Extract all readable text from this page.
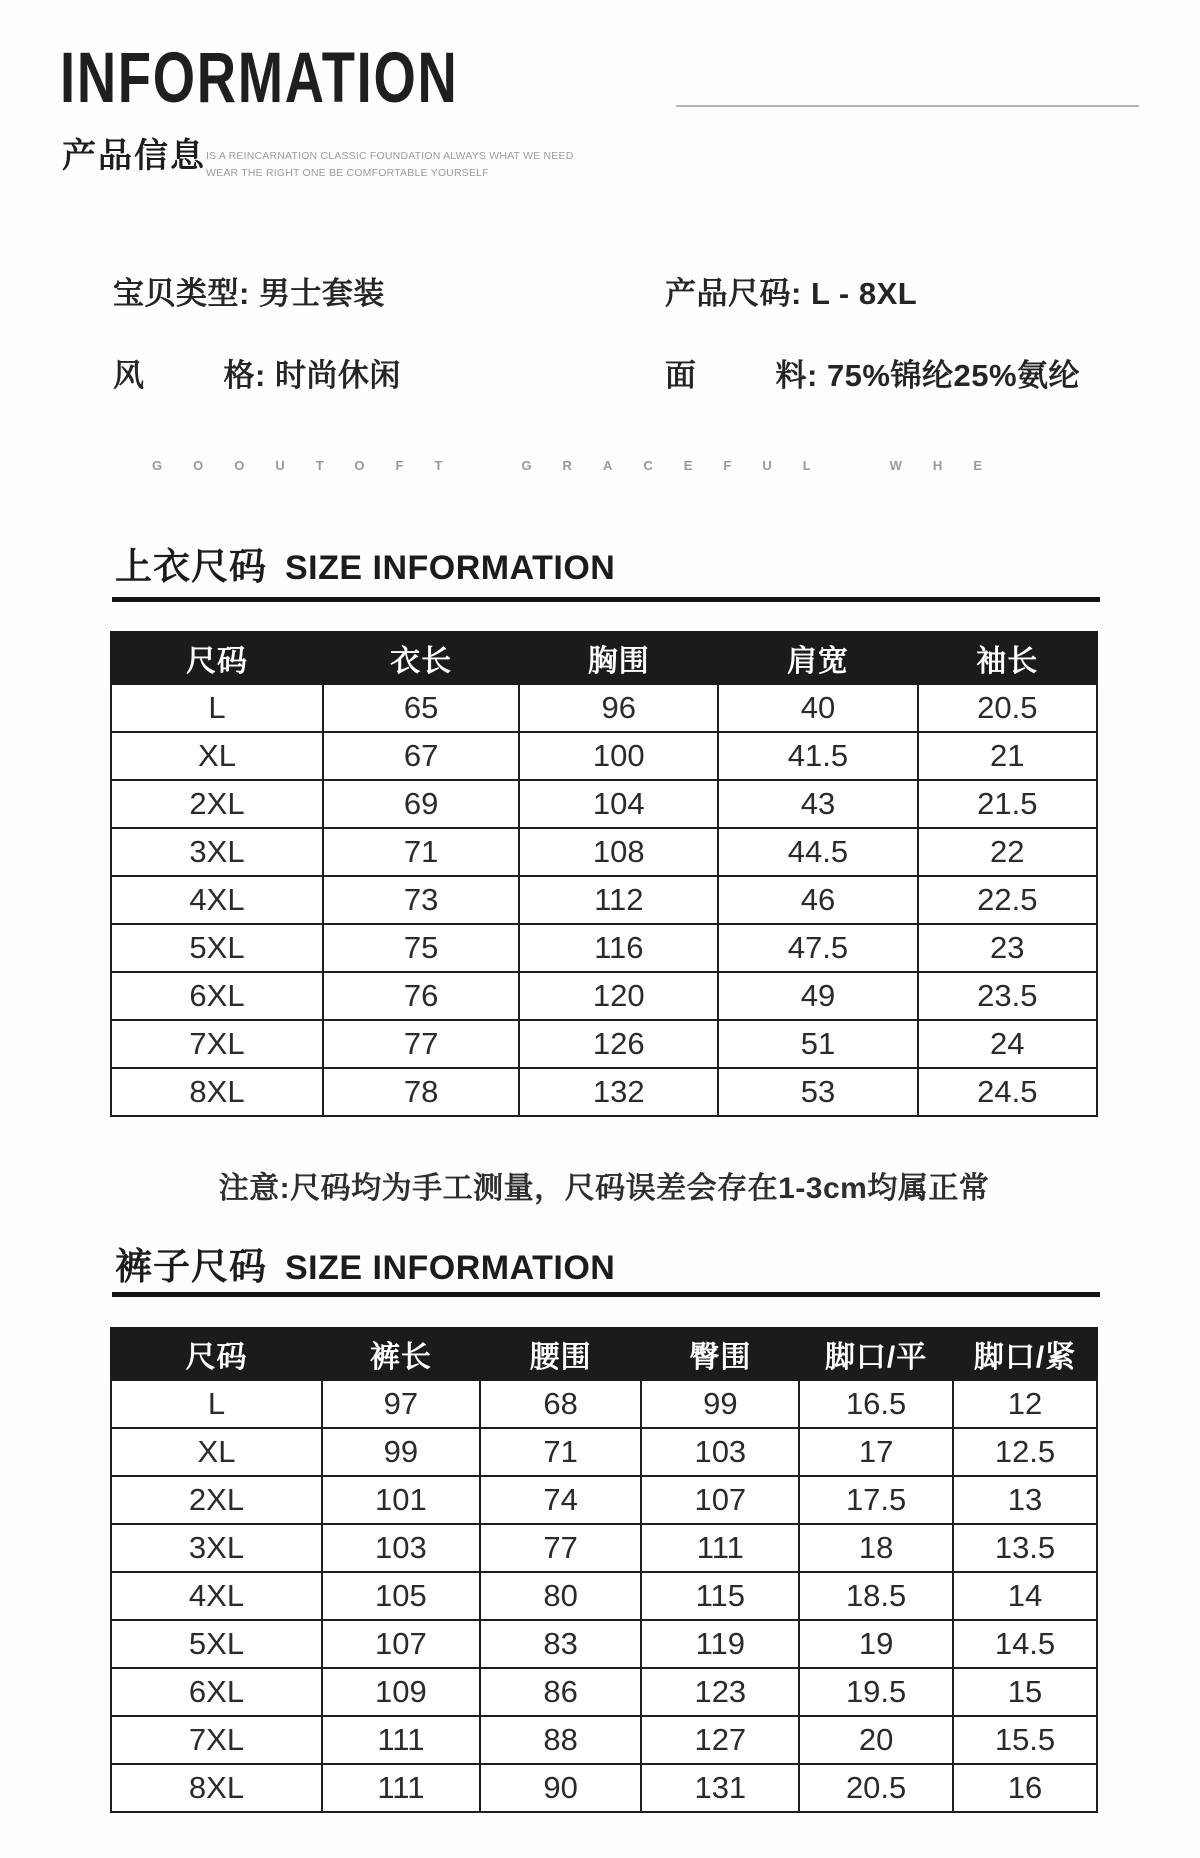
INFORMATION
产品信息 IS A REINCARNATION CLASSIC FOUNDATION ALWAYS WHAT WE NEED
WEAR THE RIGHT ONE BE COMFORTABLE YOURSELF
宝贝类型: 男士套装	产品尺码: L - 8XL
风	格 : 时尚休闲	面	料 : 75%锦纶25%氨纶
GOOUTOFT	GRACEFUL	WHE
上衣尺码 SIZE INFORMATION
尺码	衣长	胸围	肩宽	袖长
L	65	96	40	20.5
XL	67	100	41.5	21
2XL	69	104	43	21.5
3XL	71	108	44.5	22
4XL	73	112	46	22.5
5XL	75	116	47.5	23
6XL	76	120	49	23.5
7XL	77	126	51	24
8XL	78	132	53	24.5
注意:尺码均为手工测量，尺码误差会存在1-3cm均属正常
裤子尺码 SIZE INFORMATION
尺码	裤长	腰围	臀围	脚口/平	脚口/紧
L	97	68	99	16.5	12
XL	99	71	103	17	12.5
2XL	101	74	107	17.5	13
3XL	103	77	111	18	13.5
4XL	105	80	115	18.5	14
5XL	107	83	119	19	14.5
6XL	109	86	123	19.5	15
7XL	111	88	127	20	15.5
8XL	111	90	131	20.5	16
